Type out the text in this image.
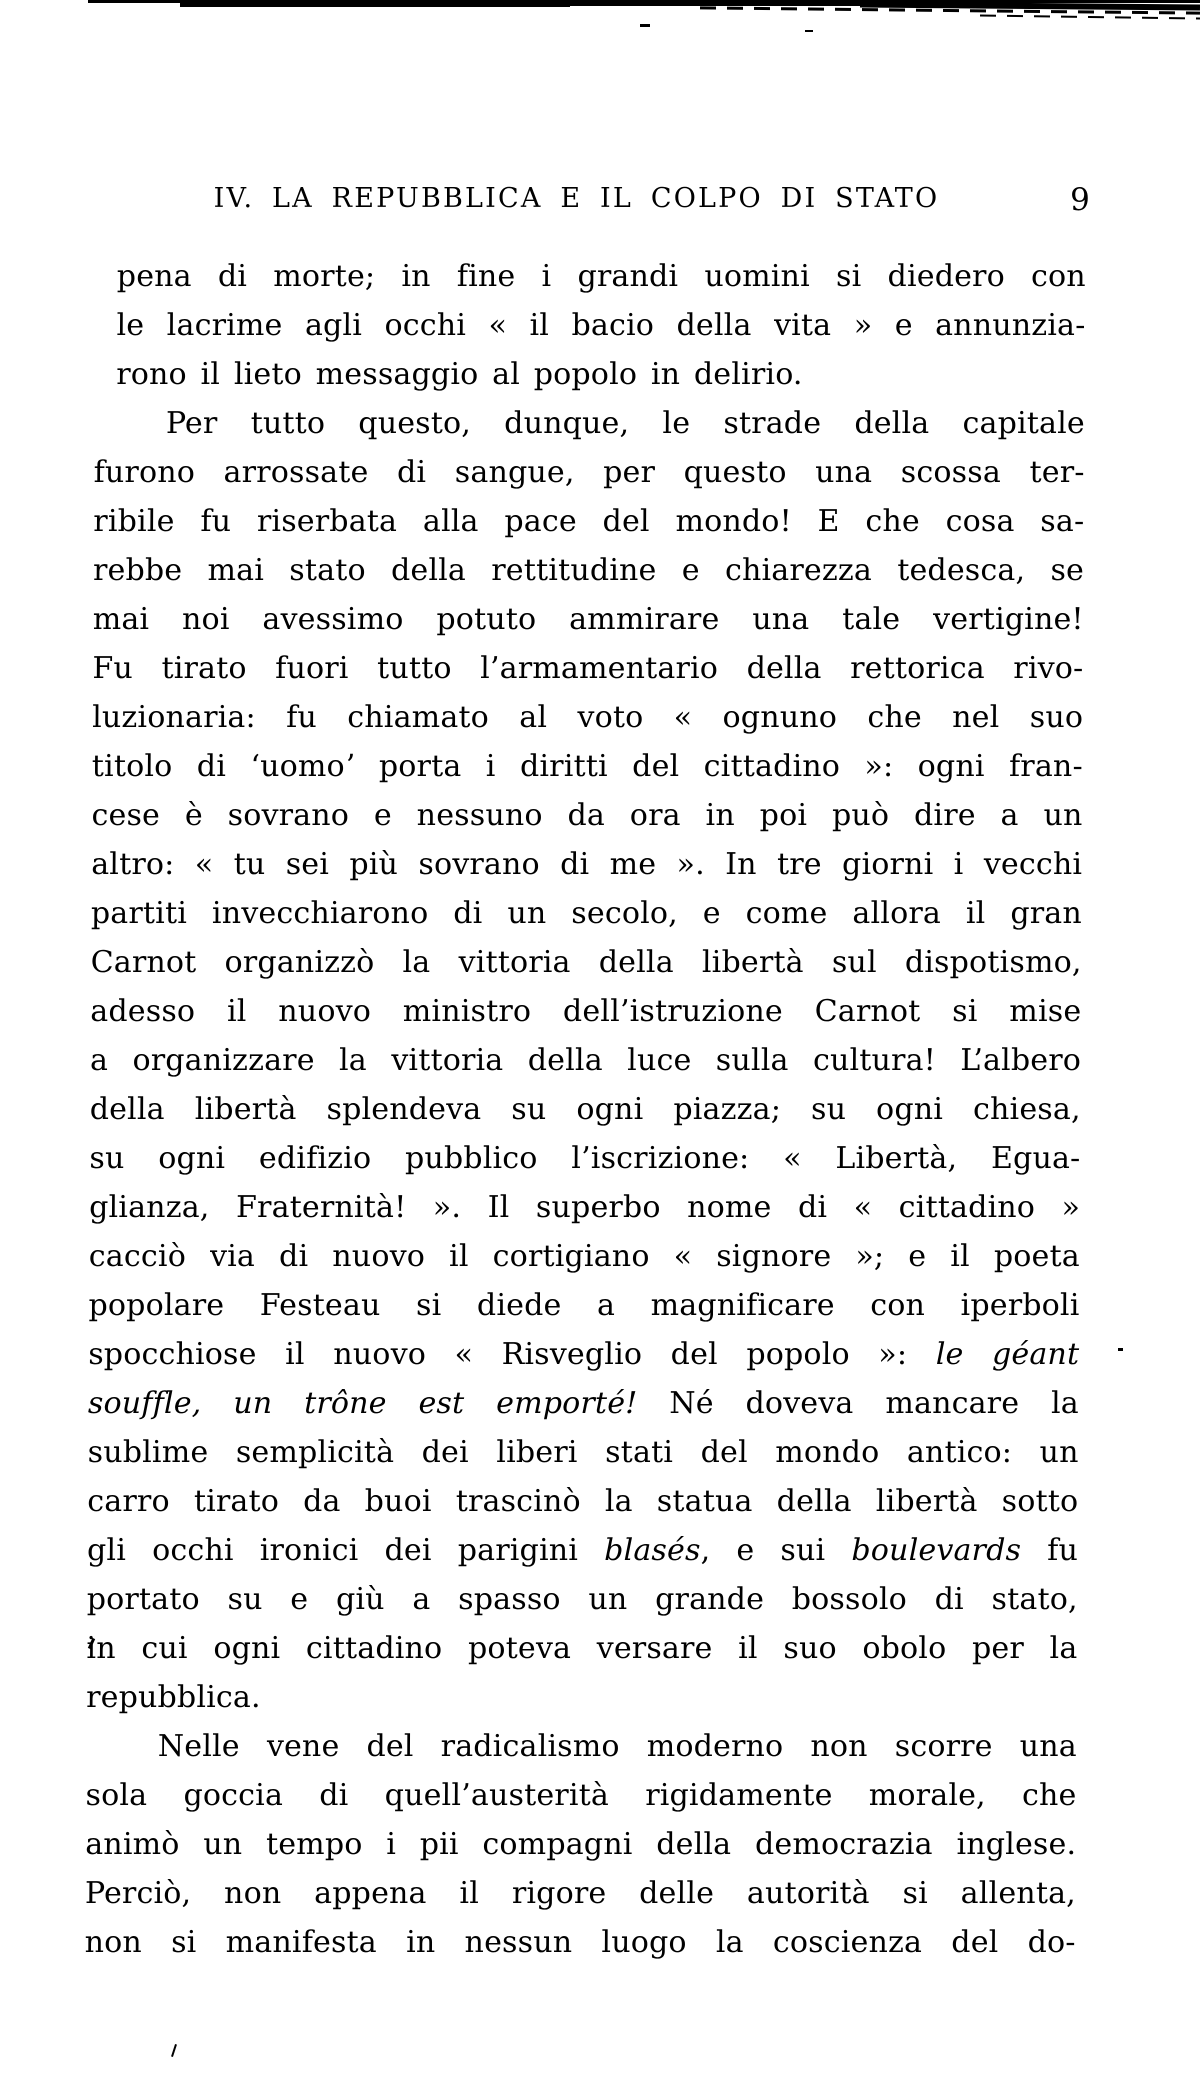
IV. LA REPUBBLICA E IL COLPO DI STATO	9
pena di morte; in fine i grandi uomini si diedero con
le lacrime agli occhi « il bacio della vita » e annunzia-
rono il lieto messaggio al popolo in delirio.
Per tutto questo, dunque, le strade della capitale
furono arrossate di sangue, per questo una scossa ter-
ribile fu riserbata alla pace del mondo! E che cosa sa-
rebbe mai stato della rettitudine e chiarezza tedesca, se
mai noi avessimo potuto ammirare una tale vertigine!
Fu tirato fuori tutto l’armamentario della rettorica rivo-
luzionaria: fu chiamato al voto « ognuno che nel suo
titolo di ʻuomoʼ porta i diritti del cittadino »: ogni fran-
cese è sovrano e nessuno da ora in poi può dire a un
altro: « tu sei più sovrano di me ». In tre giorni i vecchi
partiti invecchiarono di un secolo, e come allora il gran
Carnot organizzò la vittoria della libertà sul dispotismo,
adesso il nuovo ministro dell’istruzione Carnot si mise
a organizzare la vittoria della luce sulla cultura! L’albero
della libertà splendeva su ogni piazza; su ogni chiesa,
su ogni edifizio pubblico l’iscrizione: « Libertà, Egua-
glianza, Fraternità! ». Il superbo nome di « cittadino »
cacciò via di nuovo il cortigiano « signore »; e il poeta
popolare Festeau si diede a magnificare con iperboli
spocchiose il nuovo « Risveglio del popolo »: le géant
souffle, un trône est emporté! Né doveva mancare la
sublime semplicità dei liberi stati del mondo antico: un
carro tirato da buoi trascinò la statua della libertà sotto
gli occhi ironici dei parigini blasés, e sui boulevards fu
portato su e giù a spasso un grande bossolo di stato,
in cui ogni cittadino poteva versare il suo obolo per la
repubblica.
Nelle vene del radicalismo moderno non scorre una
sola goccia di quell’austerità rigidamente morale, che
animò un tempo i pii compagni della democrazia inglese.
Perciò, non appena il rigore delle autorità si allenta,
non si manifesta in nessun luogo la coscienza del do-
